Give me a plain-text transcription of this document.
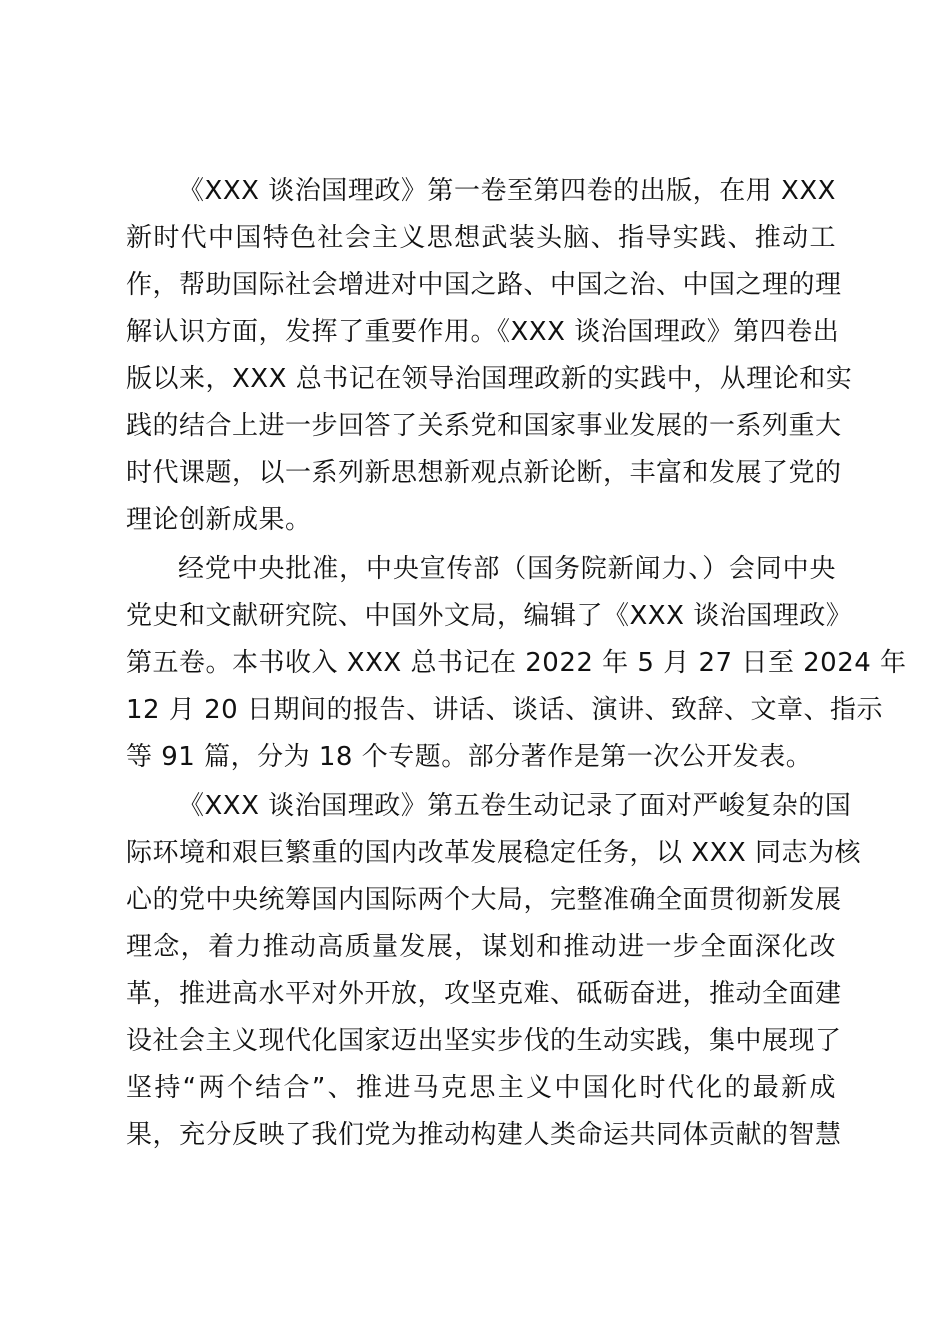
《XXX 谈治国理政》第一卷至第四卷的出版，在用 XXX
新时代中国特色社会主义思想武装头脑、指导实践、推动工
作，帮助国际社会增进对中国之路、中国之治、中国之理的理
解认识方面，发挥了重要作用。《XXX 谈治国理政》第四卷出
版以来，XXX 总书记在领导治国理政新的实践中，从理论和实
践的结合上进一步回答了关系党和国家事业发展的一系列重大
时代课题，以一系列新思想新观点新论断，丰富和发展了党的
理论创新成果。
经党中央批准，中央宣传部（国务院新闻力、）会同中央
党史和文献研究院、中国外文局，编辑了《XXX 谈治国理政》
第五卷。本书收入 XXX 总书记在 2022 年 5 月 27 日至 2024 年
12 月 20 日期间的报告、讲话、谈话、演讲、致辞、文章、指示
等 91 篇，分为 18 个专题。部分著作是第一次公开发表。
《XXX 谈治国理政》第五卷生动记录了面对严峻复杂的国
际环境和艰巨繁重的国内改革发展稳定任务，以 XXX 同志为核
心的党中央统筹国内国际两个大局，完整准确全面贯彻新发展
理念，着力推动高质量发展，谋划和推动进一步全面深化改
革，推进高水平对外开放，攻坚克难、砥砺奋进，推动全面建
设社会主义现代化国家迈出坚实步伐的生动实践，集中展现了
坚持“两个结合”、推进马克思主义中国化时代化的最新成
果，充分反映了我们党为推动构建人类命运共同体贡献的智慧
